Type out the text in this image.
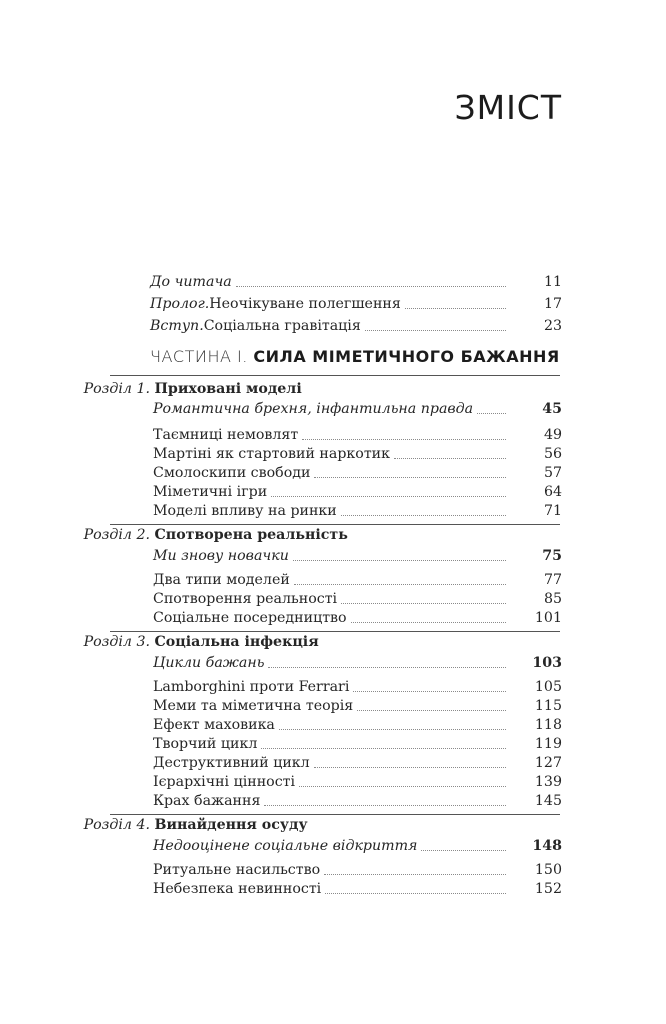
ЗМІСТ
До читача	11
Пролог. Неочікуване полегшення	17
Вступ. Соціальна гравітація	23
ЧАСТИНА І. СИЛА МІМЕТИЧНОГО БАЖАННЯ
Розділ 1. Приховані моделі
Романтична брехня, інфантильна правда	45
Таємниці немовлят	49
Мартіні як стартовий наркотик	56
Смолоскипи свободи	57
Міметичні ігри	64
Моделі впливу на ринки	71
Розділ 2. Спотворена реальність
Ми знову новачки	75
Два типи моделей	77
Спотворення реальності	85
Соціальне посередництво	101
Розділ 3. Соціальна інфекція
Цикли бажань	103
Lamborghini проти Ferrari	105
Меми та міметична теорія	115
Ефект маховика	118
Творчий цикл	119
Деструктивний цикл	127
Ієрархічні цінності	139
Крах бажання	145
Розділ 4. Винайдення осуду
Недооцінене соціальне відкриття	148
Ритуальне насильство	150
Небезпека невинності	152
